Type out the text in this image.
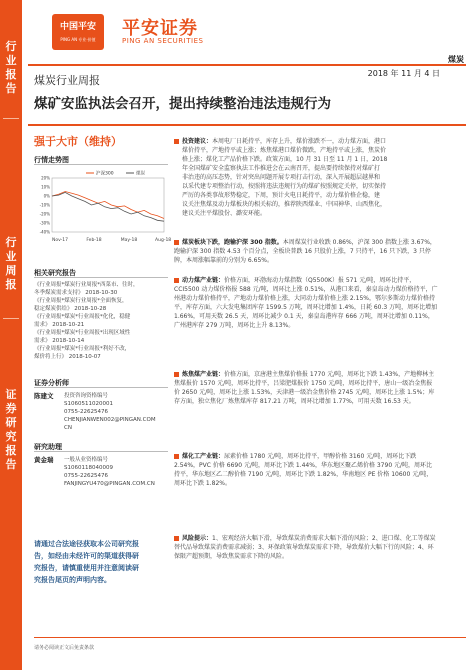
行业报告
行业周报
证券研究报告
中国平安
PING AN 专业·价值
平安证券
PING AN SECURITIES
煤炭
煤炭行业周报
2018 年 11 月 4 日
煤矿安监执法会召开，提出持续整治违法违规行为
强于大市（维持）
行情走势图
20%
10%
0%
-10%
-20%
-30%
-40%
Nov-17	Feb-18	May-18	Aug-18
沪深300	煤炭
相关研究报告
《行业周报*煤炭行业周报*西菜市、往时，
冬季煤炭需求支持》 2018-10-30
《行业周报*煤炭行业周报*全面恢复，
稳定煤炭供给》 2018-10-28
《行业周报*煤炭*行业周报*化化，稳健
需求》 2018-10-21
《行业周报*煤炭*行业周报*出现区域性
需求》 2018-10-14
《行业周报*煤炭*行业周报*利好不改，
煤价将上行》 2018-10-07
证券分析师
陈建文	投资咨询资格编号
S1060511020001
0755-22625476
CHENJIANWEN002@PINGAN.COM
CN
研究助理
黄金瑞	一般从业资格编号
S1060118040009
0755-22625476
FANJINGYU470@PINGAN.COM.CN
请通过合法途径获取本公司研究报
告，如经由未经许可的渠道获得研
究报告，请慎重使用并注意阅读研
究报告尾页的声明内容。
投资建议：本周电厂日耗持平，库存上升，煤价涨跌不一，动力煤方面，港口
煤价持平，产地持平或上涨；炼焦煤港口煤价微跌，产地持平或上涨，焦炭价
格上涨；煤化工产品价格下跌。政策方面，10 月 31 日至 11 月 1 日，2018
年全国煤矿安全监察执法工作推进会在云南召开，提出要持续保持对煤矿打
非治违的高压态势，针对突出问题开展专项打击行动，深入开展超层越界和
以采代建专项整治行动，按照将违法违规行为的煤矿按照规定关停，切实保持
严厉的各类事故形势稳定，下周，预计火电日耗持平，动力煤价格企稳，建
议关注焦煤及动力煤板块的相关标的，推荐陕西煤业、中国神华、山西焦化，
建议关注平煤股份、潞安环能。
煤炭板块下跌，跑输沪深 300 指数。本周煤炭行业收跌 0.86%，沪深 300 指数上涨 3.67%，跑输沪深 300 指数 4.53 个百分点，全板块普跌 16 只股价上涨，7 只持平，16 只下跌，3 只停牌，本周涨幅靠前的分别为 6.65%。
动力煤产业链：价格方面，环渤海动力煤指数（Q5500K）报 571 元/吨，周环比持平，CCI5500 动力煤价格报 588 元/吨，周环比上涨 0.51%，从港口来看，秦皇岛动力煤价格持平，广州港动力煤价格持平，产地动力煤价格上涨，大同动力煤价格上涨 2.15%，鄂尔多斯动力煤价格持平，库存方面，六大发电集团库存 1599.5 万吨，周环比增加 1.4%，日耗 60.3 万吨，周环比增加 1.66%，可用天数 26.5 天，周环比减少 0.1 天，秦皇岛港库存 666 万吨，周环比增加 0.11%，广州港库存 279 万吨，周环比上升 8.13%。
炼焦煤产业链：价格方面，京唐港主焦煤价格报 1770 元/吨，周环比下跌 1.43%，产地柳林主焦煤报价 1570 元/吨，周环比持平，吕梁肥煤报价 1750 元/吨，周环比持平，唐山一级冶金焦报价 2650 元/吨，周环比上涨 1.53%，天津港一级冶金焦价格 2745 元/吨，周环比上涨 1.5%；库存方面，独立焦化厂炼焦煤库存 817.21 万吨，周环比增加 1.77%，可用天数 16.53 天。
煤化工产业链：尿素价格 1780 元/吨，周环比持平，甲醇价格 3160 元/吨，周环比下跌 2.54%，PVC 价格 6690 元/吨，周环比下跌 1.44%，华东地区聚乙烯价格 3790 元/吨，周环比持平，华东地区乙二醇价格 7190 元/吨，周环比下跌 1.82%，华南地区 PE 价格 10600 元/吨，周环比下跌 1.82%。
风险提示：1、宏观经济大幅下滑，导致煤炭消费需求大幅下滑的风险；2、进口煤、化工等煤炭替代品导致煤炭消费需求减弱；3、环保政策导致煤炭需求下降，导致煤价大幅下行的风险；4、环保限产超预期，导致焦炭需求下降的风险。
请务必阅读正文后免责条款
